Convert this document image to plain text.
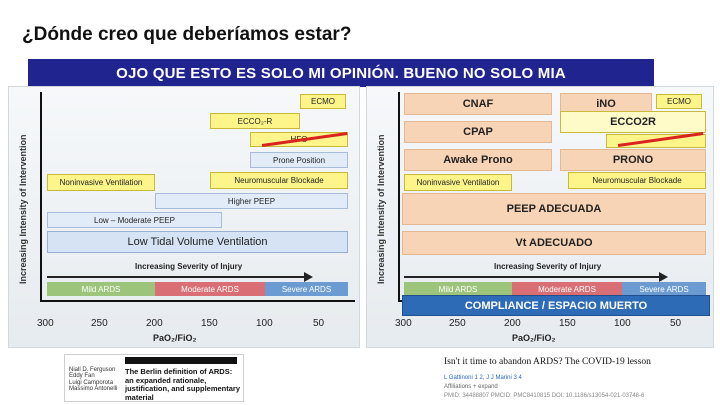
¿Dónde creo que deberíamos estar?
OJO QUE ESTO ES SOLO MI OPINIÓN. BUENO NO SOLO MIA
Increasing Intensity of Intervention
ECMO
ECCO₂-R
Prone Position
Noninvasive Ventilation	Neuromuscular Blockade
Higher PEEP
Low – Moderate PEEP
Low Tidal Volume Ventilation
Increasing Severity of Injury
Mild ARDS	Moderate ARDS	Severe ARDS
300	250	200	150	100	50
PaO₂/FiO₂
Increasing Intensity of Intervention
CNAF	iNO	ECMO
CPAP
ECCO2R
Awake Prono	PRONO
Noninvasive Ventilation	Neuromuscular Blockade
PEEP ADECUADA
Vt ADECUADO
Increasing Severity of Injury
Mild ARDS	Moderate ARDS	Severe ARDS
COMPLIANCE / ESPACIO MUERTO
300	250	200	150	100	50
PaO₂/FiO₂
Niall D. Ferguson
Eddy Fan
Luigi Camporota
Massimo Antonelli
The Berlin definition of ARDS: an expanded rationale, justification, and supplementary material
Isn't it time to abandon ARDS? The COVID-19 lesson
L Gattinoni 1 2, J J Marini 3 4
Affiliations + expand
PMID: 34488807 PMCID: PMC8410815 DOI: 10.1186/s13054-021-03748-6
